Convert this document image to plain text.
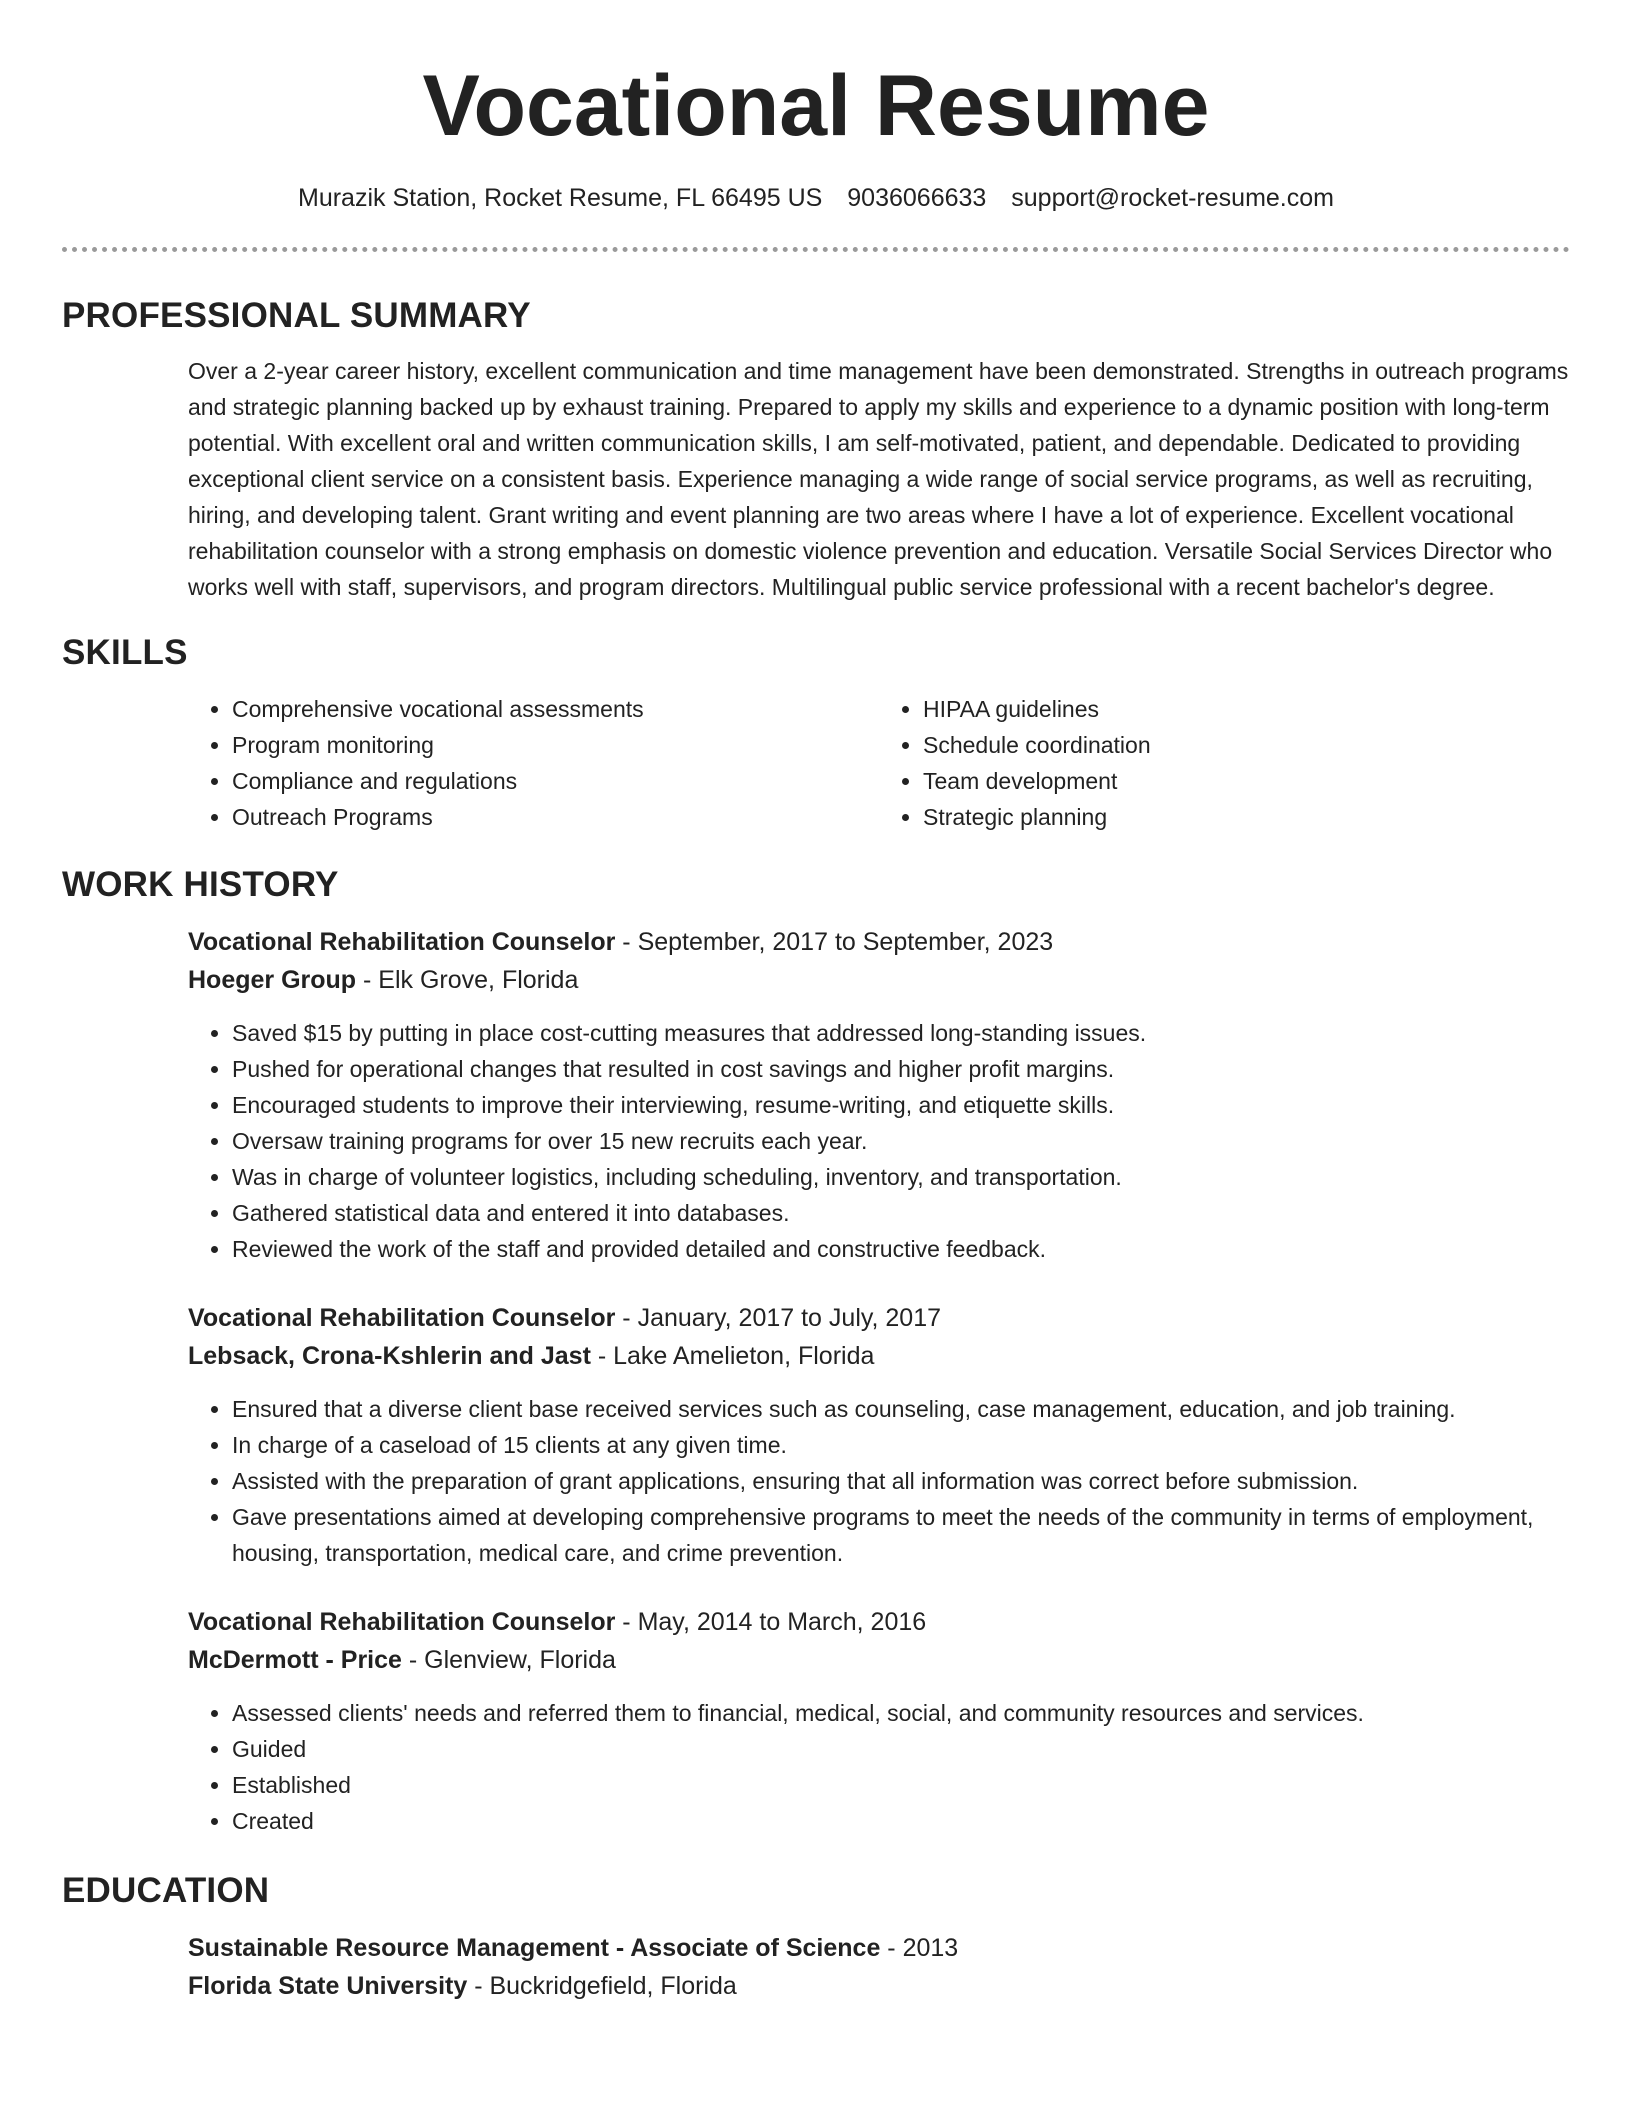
Vocational Resume
Murazik Station, Rocket Resume, FL 66495 US 9036066633 support@rocket-resume.com
PROFESSIONAL SUMMARY

Over a 2-year career history, excellent communication and time management have been demonstrated. Strengths in outreach programs and strategic planning backed up by exhaust training. Prepared to apply my skills and experience to a dynamic position with long-term potential. With excellent oral and written communication skills, I am self-motivated, patient, and dependable. Dedicated to providing exceptional client service on a consistent basis. Experience managing a wide range of social service programs, as well as recruiting, hiring, and developing talent. Grant writing and event planning are two areas where I have a lot of experience. Excellent vocational rehabilitation counselor with a strong emphasis on domestic violence prevention and education. Versatile Social Services Director who works well with staff, supervisors, and program directors. Multilingual public service professional with a recent bachelor's degree.

SKILLS
• Comprehensive vocational assessments
• Program monitoring
• Compliance and regulations
• Outreach Programs
• HIPAA guidelines
• Schedule coordination
• Team development
• Strategic planning
WORK HISTORY

Vocational Rehabilitation Counselor - September, 2017 to September, 2023

Hoeger Group - Elk Grove, Florida

• Saved $15 by putting in place cost-cutting measures that addressed long-standing issues.
• Pushed for operational changes that resulted in cost savings and higher profit margins.
• Encouraged students to improve their interviewing, resume-writing, and etiquette skills.
• Oversaw training programs for over 15 new recruits each year.
• Was in charge of volunteer logistics, including scheduling, inventory, and transportation.
• Gathered statistical data and entered it into databases.
• Reviewed the work of the staff and provided detailed and constructive feedback.

Vocational Rehabilitation Counselor - January, 2017 to July, 2017

Lebsack, Crona-Kshlerin and Jast - Lake Amelieton, Florida

• Ensured that a diverse client base received services such as counseling, case management, education, and job training.
• In charge of a caseload of 15 clients at any given time.
• Assisted with the preparation of grant applications, ensuring that all information was correct before submission.
• Gave presentations aimed at developing comprehensive programs to meet the needs of the community in terms of employment, housing, transportation, medical care, and crime prevention.

Vocational Rehabilitation Counselor - May, 2014 to March, 2016

McDermott - Price - Glenview, Florida

• Assessed clients' needs and referred them to financial, medical, social, and community resources and services.
• Guided
• Established
• Created
EDUCATION

Sustainable Resource Management - Associate of Science - 2013

Florida State University - Buckridgefield, Florida
